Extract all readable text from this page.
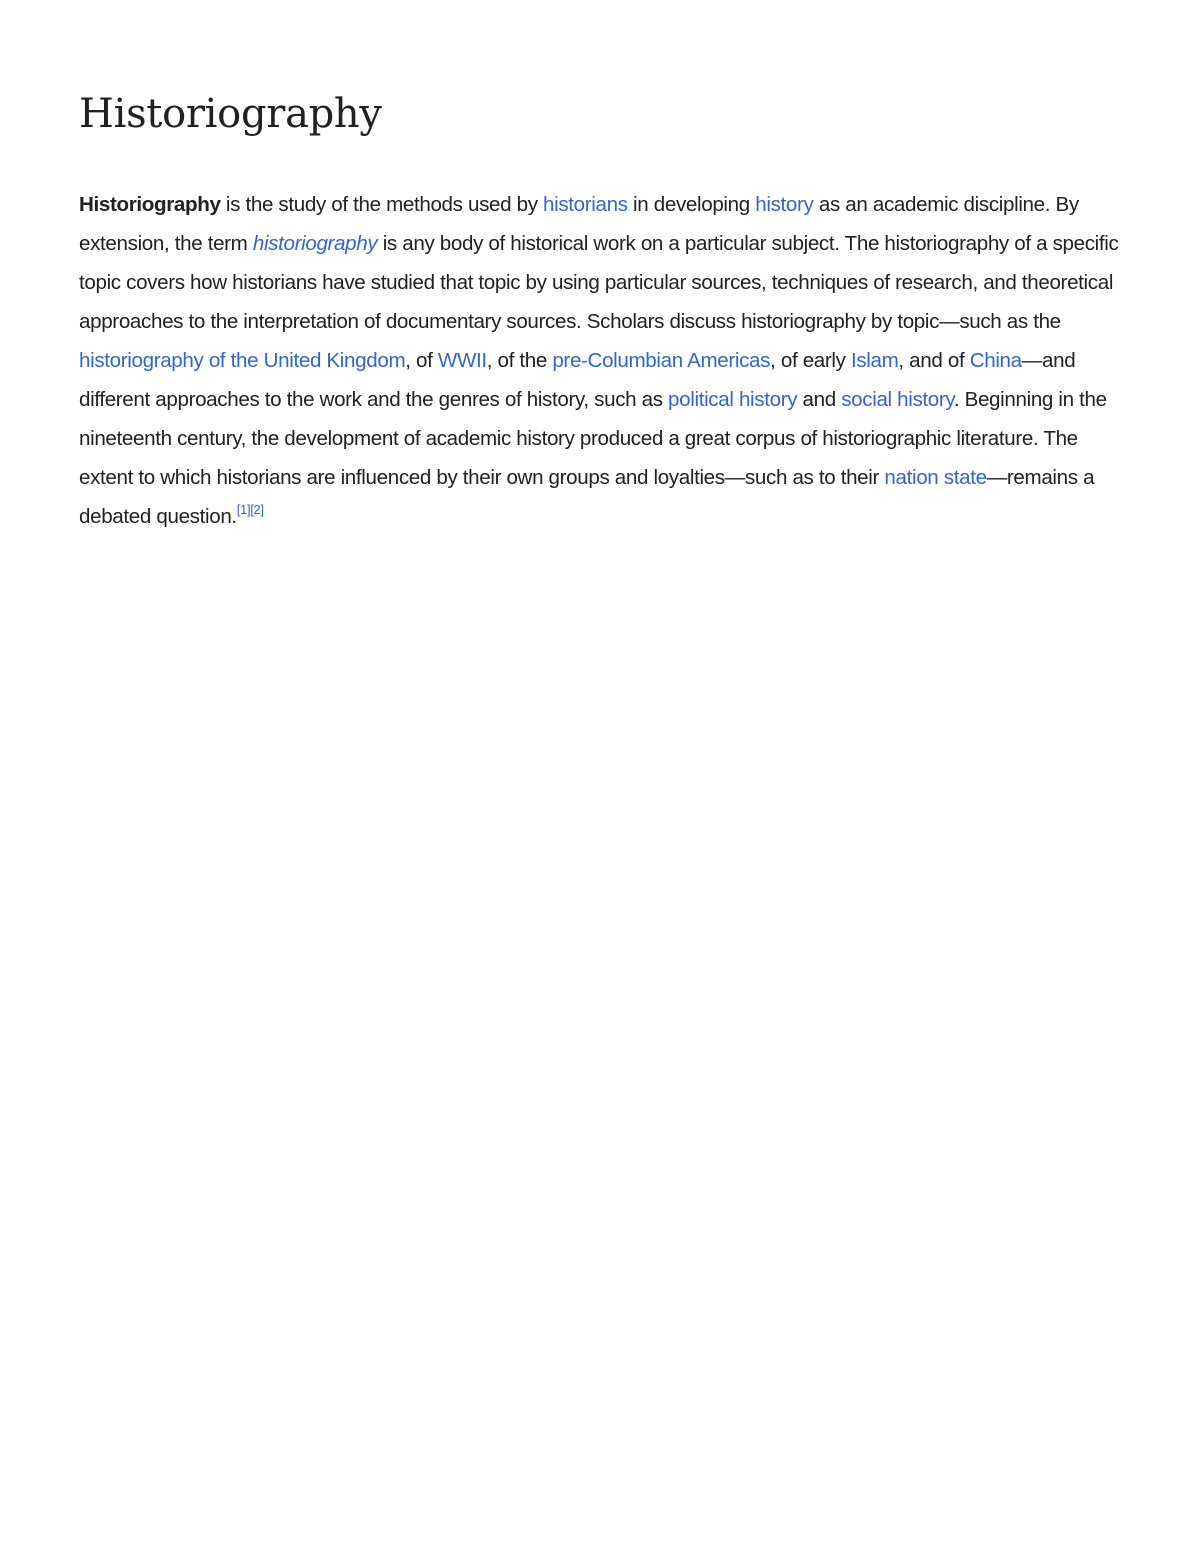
Historiography

Historiography is the study of the methods used by historians in developing history as an academic discipline. By extension, the term historiography is any body of historical work on a particular subject. The historiography of a specific topic covers how historians have studied that topic by using particular sources, techniques of research, and theoretical approaches to the interpretation of documentary sources. Scholars discuss historiography by topic—such as the historiography of the United Kingdom, of WWII, of the pre-Columbian Americas, of early Islam, and of China—and different approaches to the work and the genres of history, such as political history and social history. Beginning in the nineteenth century, the development of academic history produced a great corpus of historiographic literature. The extent to which historians are influenced by their own groups and loyalties—such as to their nation state—remains a debated question.[1][2]
